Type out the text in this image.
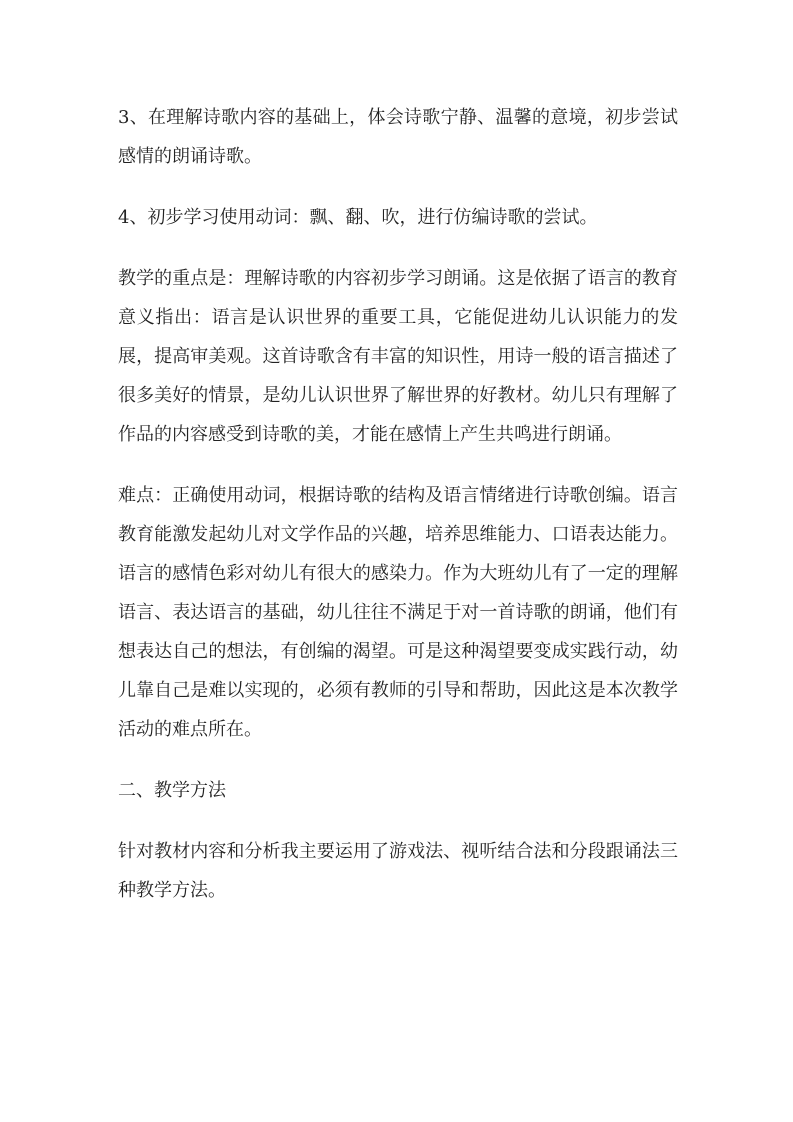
3、在理解诗歌内容的基础上，体会诗歌宁静、温馨的意境，初步尝试感情的朗诵诗歌。

4、初步学习使用动词：飘、翻、吹，进行仿编诗歌的尝试。

教学的重点是：理解诗歌的内容初步学习朗诵。这是依据了语言的教育意义指出：语言是认识世界的重要工具，它能促进幼儿认识能力的发展，提高审美观。这首诗歌含有丰富的知识性，用诗一般的语言描述了很多美好的情景，是幼儿认识世界了解世界的好教材。幼儿只有理解了作品的内容感受到诗歌的美，才能在感情上产生共鸣进行朗诵。

难点：正确使用动词，根据诗歌的结构及语言情绪进行诗歌创编。语言教育能激发起幼儿对文学作品的兴趣，培养思维能力、口语表达能力。语言的感情色彩对幼儿有很大的感染力。作为大班幼儿有了一定的理解语言、表达语言的基础，幼儿往往不满足于对一首诗歌的朗诵，他们有想表达自己的想法，有创编的渴望。可是这种渴望要变成实践行动，幼儿靠自己是难以实现的，必须有教师的引导和帮助，因此这是本次教学活动的难点所在。

二、教学方法

针对教材内容和分析我主要运用了游戏法、视听结合法和分段跟诵法三种教学方法。
